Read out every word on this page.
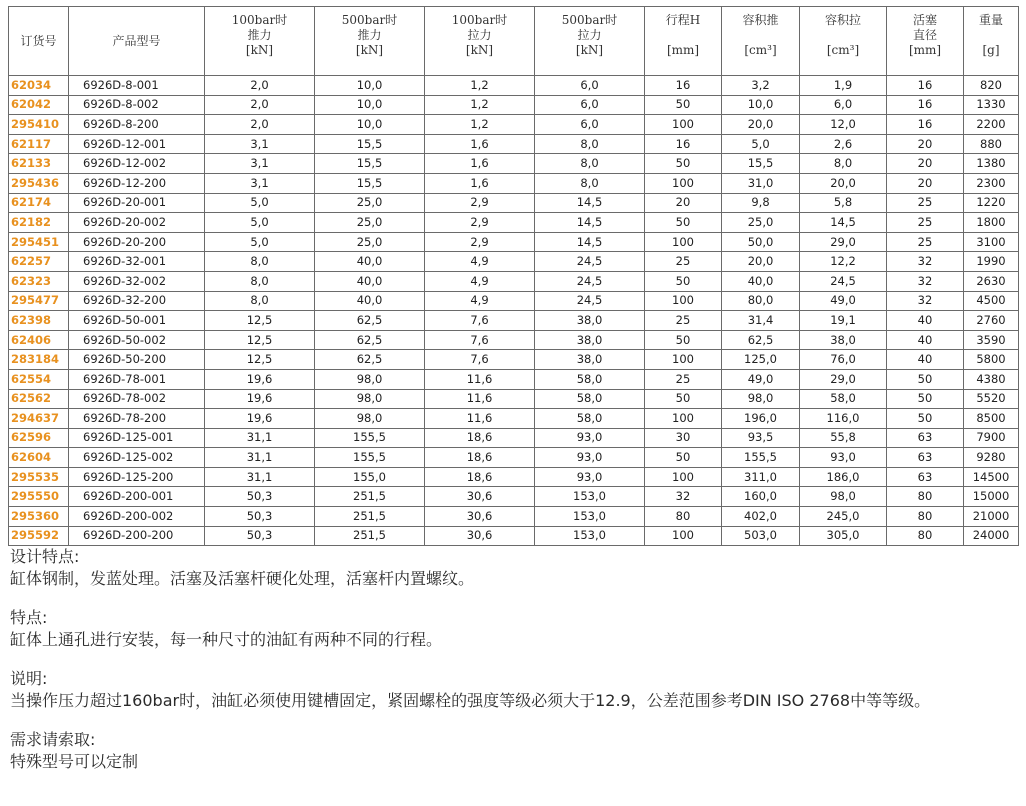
订货号	产品型号	100bar时
推力
[kN]	500bar时
推力
[kN]	100bar时
拉力
[kN]	500bar时
拉力
[kN]	行程H

[mm]	容积推

[cm³]	容积拉

[cm³]	活塞
直径
[mm]	重量

[g]
62034	6926D-8-001	2,0	10,0	1,2	6,0	16	3,2	1,9	16	820
62042	6926D-8-002	2,0	10,0	1,2	6,0	50	10,0	6,0	16	1330
295410	6926D-8-200	2,0	10,0	1,2	6,0	100	20,0	12,0	16	2200
62117	6926D-12-001	3,1	15,5	1,6	8,0	16	5,0	2,6	20	880
62133	6926D-12-002	3,1	15,5	1,6	8,0	50	15,5	8,0	20	1380
295436	6926D-12-200	3,1	15,5	1,6	8,0	100	31,0	20,0	20	2300
62174	6926D-20-001	5,0	25,0	2,9	14,5	20	9,8	5,8	25	1220
62182	6926D-20-002	5,0	25,0	2,9	14,5	50	25,0	14,5	25	1800
295451	6926D-20-200	5,0	25,0	2,9	14,5	100	50,0	29,0	25	3100
62257	6926D-32-001	8,0	40,0	4,9	24,5	25	20,0	12,2	32	1990
62323	6926D-32-002	8,0	40,0	4,9	24,5	50	40,0	24,5	32	2630
295477	6926D-32-200	8,0	40,0	4,9	24,5	100	80,0	49,0	32	4500
62398	6926D-50-001	12,5	62,5	7,6	38,0	25	31,4	19,1	40	2760
62406	6926D-50-002	12,5	62,5	7,6	38,0	50	62,5	38,0	40	3590
283184	6926D-50-200	12,5	62,5	7,6	38,0	100	125,0	76,0	40	5800
62554	6926D-78-001	19,6	98,0	11,6	58,0	25	49,0	29,0	50	4380
62562	6926D-78-002	19,6	98,0	11,6	58,0	50	98,0	58,0	50	5520
294637	6926D-78-200	19,6	98,0	11,6	58,0	100	196,0	116,0	50	8500
62596	6926D-125-001	31,1	155,5	18,6	93,0	30	93,5	55,8	63	7900
62604	6926D-125-002	31,1	155,5	18,6	93,0	50	155,5	93,0	63	9280
295535	6926D-125-200	31,1	155,0	18,6	93,0	100	311,0	186,0	63	14500
295550	6926D-200-001	50,3	251,5	30,6	153,0	32	160,0	98,0	80	15000
295360	6926D-200-002	50,3	251,5	30,6	153,0	80	402,0	245,0	80	21000
295592	6926D-200-200	50,3	251,5	30,6	153,0	100	503,0	305,0	80	24000
设计特点:
缸体钢制，发蓝处理。活塞及活塞杆硬化处理，活塞杆内置螺纹。
特点:
缸体上通孔进行安装，每一种尺寸的油缸有两种不同的行程。
说明:
当操作压力超过160bar时，油缸必须使用键槽固定，紧固螺栓的强度等级必须大于12.9，公差范围参考DIN ISO 2768中等等级。
需求请索取:
特殊型号可以定制
